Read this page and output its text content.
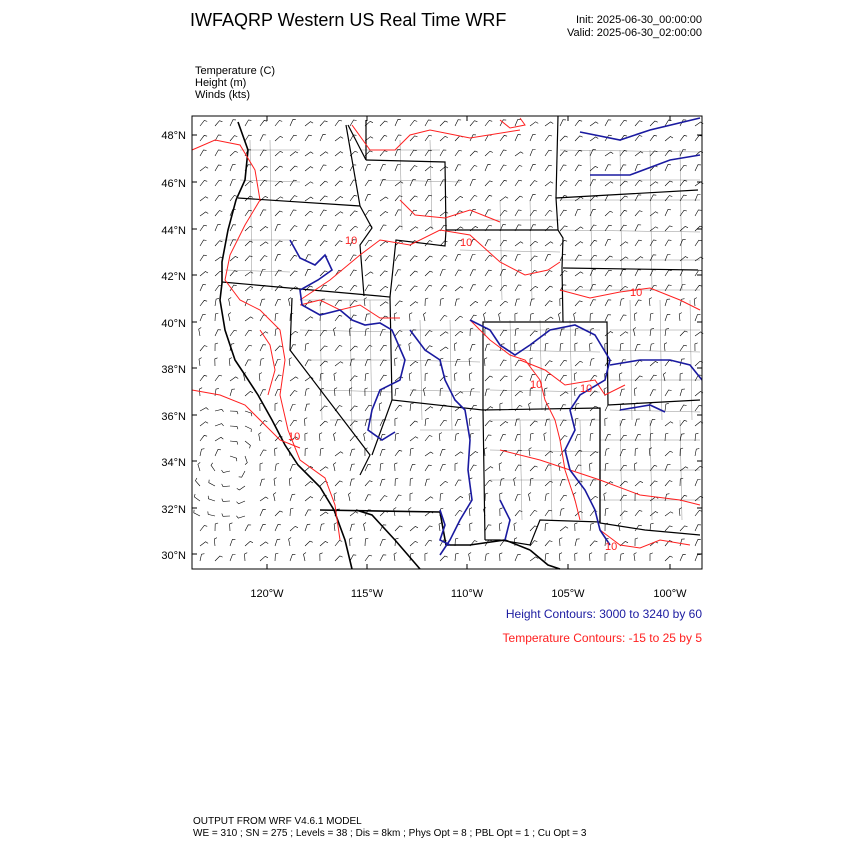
IWFAQRP Western US Real Time WRF	Init: 2025-06-30_00:00:00
Valid: 2025-06-30_02:00:00
Temperature (C)
Height (m)
Winds (kts)
10	10
10
10
10
10
10
48°N
46°N
44°N
42°N
40°N
38°N
36°N
34°N
32°N
30°N
120°W	115°W	110°W	105°W	100°W
Height Contours: 3000 to 3240 by 60
Temperature Contours: -15 to 25 by 5
OUTPUT FROM WRF V4.6.1 MODEL
WE = 310 ; SN = 275 ; Levels = 38 ; Dis = 8km ; Phys Opt = 8 ; PBL Opt = 1 ; Cu Opt = 3
